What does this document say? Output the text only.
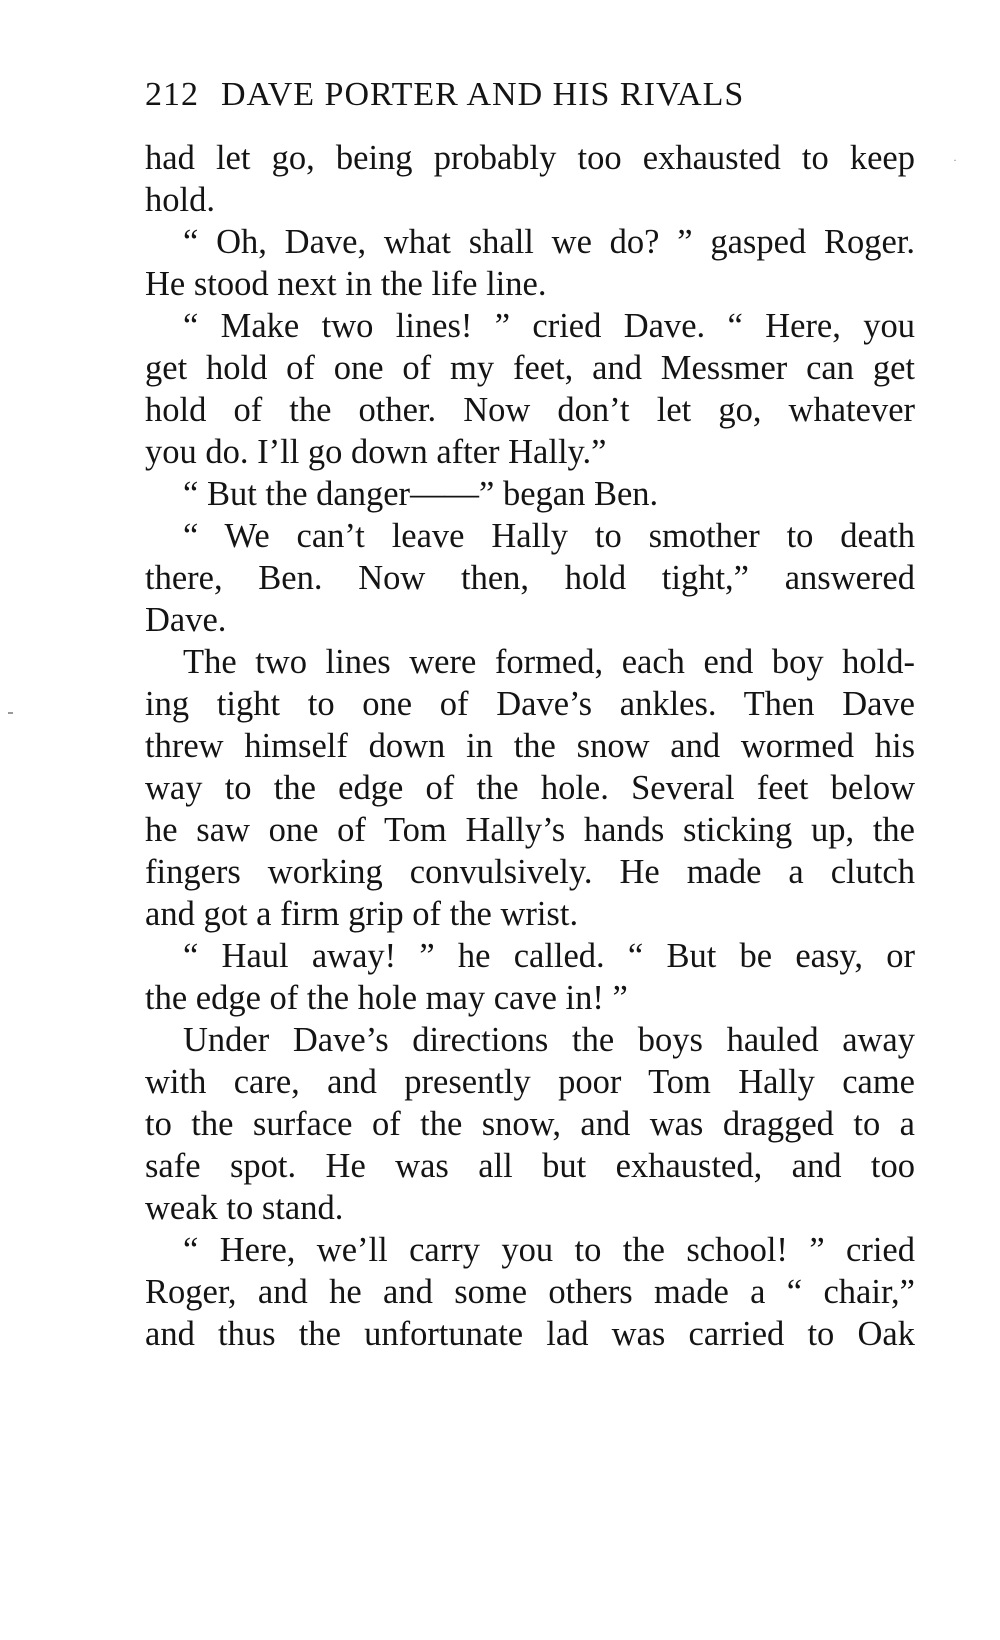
212 DAVE PORTER AND HIS RIVALS
had let go, being probably too exhausted to keep
hold.
“ Oh, Dave, what shall we do? ” gasped Roger.
He stood next in the life line.
“ Make two lines! ” cried Dave. “ Here, you
get hold of one of my feet, and Messmer can get
hold of the other. Now don’t let go, whatever
you do. I’ll go down after Hally.”
“ But the danger——” began Ben.
“ We can’t leave Hally to smother to death
there, Ben. Now then, hold tight,” answered
Dave.
The two lines were formed, each end boy hold-
ing tight to one of Dave’s ankles. Then Dave
threw himself down in the snow and wormed his
way to the edge of the hole. Several feet below
he saw one of Tom Hally’s hands sticking up, the
fingers working convulsively. He made a clutch
and got a firm grip of the wrist.
“ Haul away! ” he called. “ But be easy, or
the edge of the hole may cave in! ”
Under Dave’s directions the boys hauled away
with care, and presently poor Tom Hally came
to the surface of the snow, and was dragged to a
safe spot. He was all but exhausted, and too
weak to stand.
“ Here, we’ll carry you to the school! ” cried
Roger, and he and some others made a “ chair,”
and thus the unfortunate lad was carried to Oak
·
